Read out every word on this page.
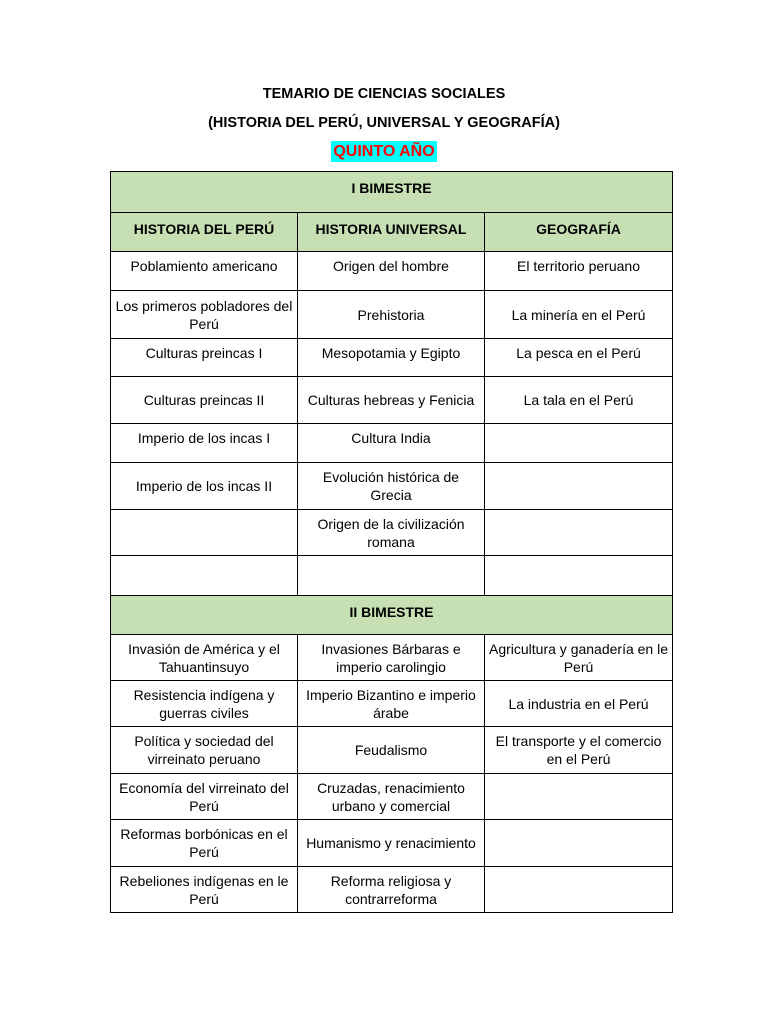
TEMARIO DE CIENCIAS SOCIALES
(HISTORIA DEL PERÚ, UNIVERSAL Y GEOGRAFÍA)
QUINTO AÑO
I BIMESTRE		
HISTORIA DEL PERÚ	HISTORIA UNIVERSAL	GEOGRAFÍA
Poblamiento americano	Origen del hombre	El territorio peruano
Los primeros pobladores del Perú	Prehistoria	La minería en el Perú
Culturas preincas I	Mesopotamia y Egipto	La pesca en el Perú
Culturas preincas II	Culturas hebreas y Fenicia	La tala en el Perú
Imperio de los incas I	Cultura India	
Imperio de los incas II	Evolución histórica de Grecia	
	Origen de la civilización romana	

II BIMESTRE		
Invasión de América y el Tahuantinsuyo	Invasiones Bárbaras e imperio carolingio	Agricultura y ganadería en le Perú
Resistencia indígena y guerras civiles	Imperio Bizantino e imperio árabe	La industria en el Perú
Política y sociedad del virreinato peruano	Feudalismo	El transporte y el comercio en el Perú
Economía del virreinato del Perú	Cruzadas, renacimiento urbano y comercial	
Reformas borbónicas en el Perú	Humanismo y renacimiento	
Rebeliones indígenas en le Perú	Reforma religiosa y contrarreforma	
